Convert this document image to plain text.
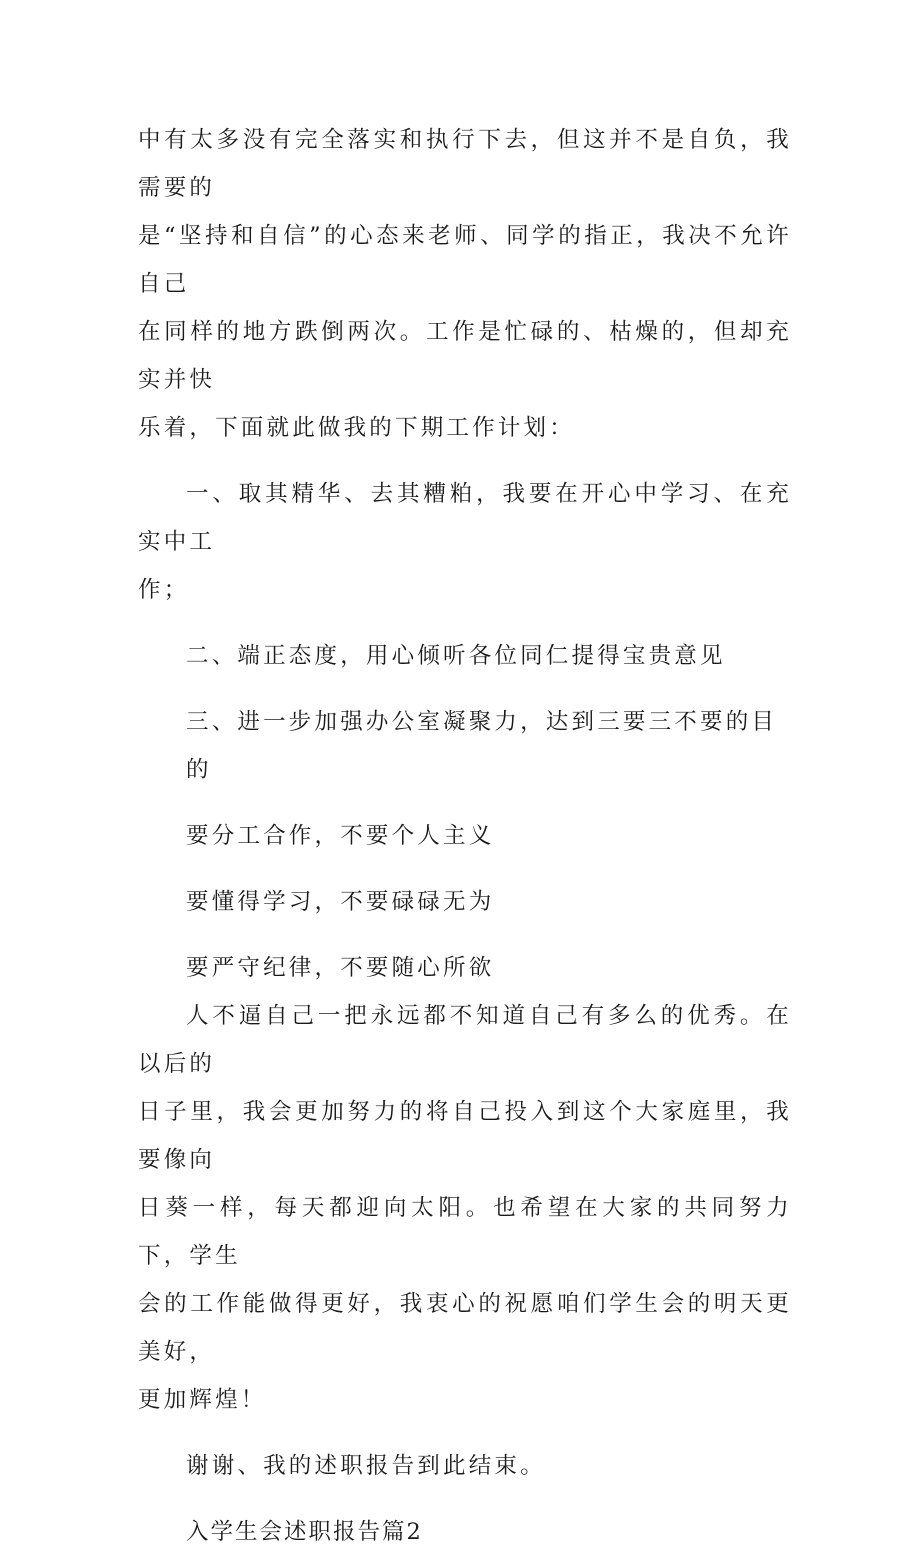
中有太多没有完全落实和执行下去，但这并不是自负，我需要的

是“坚持和自信”的心态来老师、同学的指正，我决不允许自己

在同样的地方跌倒两次。工作是忙碌的、枯燥的，但却充实并快

乐着，下面就此做我的下期工作计划：

一、取其精华、去其糟粕，我要在开心中学习、在充实中工

作；

二、端正态度，用心倾听各位同仁提得宝贵意见

三、进一步加强办公室凝聚力，达到三要三不要的目的

要分工合作，不要个人主义

要懂得学习，不要碌碌无为

要严守纪律，不要随心所欲

人不逼自己一把永远都不知道自己有多么的优秀。在以后的

日子里，我会更加努力的将自己投入到这个大家庭里，我要像向

日葵一样，每天都迎向太阳。也希望在大家的共同努力下，学生

会的工作能做得更好，我衷心的祝愿咱们学生会的明天更美好，

更加辉煌！

谢谢、我的述职报告到此结束。

入学生会述职报告篇2
